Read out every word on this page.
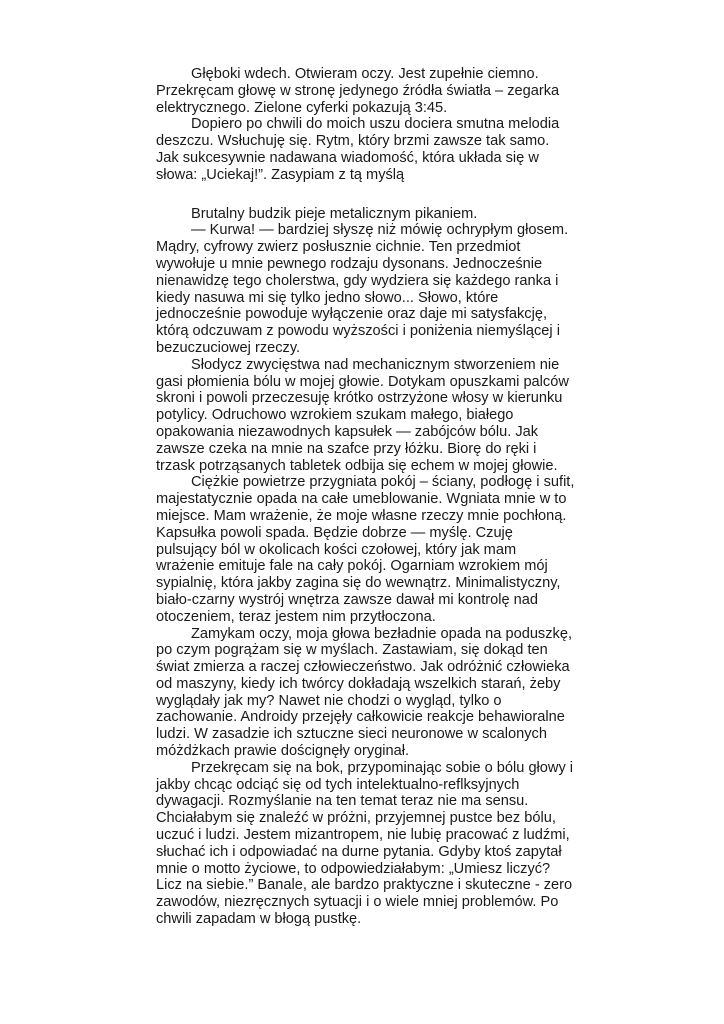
Głęboki wdech. Otwieram oczy. Jest zupełnie ciemno. Przekręcam głowę w stronę jedynego źródła światła – zegarka elektrycznego. Zielone cyferki pokazują 3:45.

Dopiero po chwili do moich uszu dociera smutna melodia deszczu. Wsłuchuję się. Rytm, który brzmi zawsze tak samo. Jak sukcesywnie nadawana wiadomość, która układa się w słowa: „Uciekaj!”. Zasypiam z tą myślą

Brutalny budzik pieje metalicznym pikaniem.

— Kurwa! — bardziej słyszę niż mówię ochrypłym głosem. Mądry, cyfrowy zwierz posłusznie cichnie. Ten przedmiot wywołuje u mnie pewnego rodzaju dysonans. Jednocześnie nienawidzę tego cholerstwa, gdy wydziera się każdego ranka i kiedy nasuwa mi się tylko jedno słowo... Słowo, które jednocześnie powoduje wyłączenie oraz daje mi satysfakcję, którą odczuwam z powodu wyższości i poniżenia niemyślącej i bezuczuciowej rzeczy.

Słodycz zwycięstwa nad mechanicznym stworzeniem nie gasi płomienia bólu w mojej głowie. Dotykam opuszkami palców skroni i powoli przeczesuję krótko ostrzyżone włosy w kierunku potylicy. Odruchowo wzrokiem szukam małego, białego opakowania niezawodnych kapsułek — zabójców bólu. Jak zawsze czeka na mnie na szafce przy łóżku. Biorę do ręki i trzask potrząsanych tabletek odbija się echem w mojej głowie.

Ciężkie powietrze przygniata pokój – ściany, podłogę i sufit, majestatycznie opada na całe umeblowanie. Wgniata mnie w to miejsce. Mam wrażenie, że moje własne rzeczy mnie pochłoną. Kapsułka powoli spada. Będzie dobrze — myślę. Czuję pulsujący ból w okolicach kości czołowej, który jak mam wrażenie emituje fale na cały pokój. Ogarniam wzrokiem mój sypialnię, która jakby zagina się do wewnątrz. Minimalistyczny, biało-czarny wystrój wnętrza zawsze dawał mi kontrolę nad otoczeniem, teraz jestem nim przytłoczona.

Zamykam oczy, moja głowa bezładnie opada na poduszkę, po czym pogrążam się w myślach. Zastawiam, się dokąd ten świat zmierza a raczej człowieczeństwo. Jak odróżnić człowieka od maszyny, kiedy ich twórcy dokładają wszelkich starań, żeby wyglądały jak my? Nawet nie chodzi o wygląd, tylko o zachowanie. Androidy przejęły całkowicie reakcje behawioralne ludzi. W zasadzie ich sztuczne sieci neuronowe w scalonych móżdżkach prawie doścignęły oryginał.

Przekręcam się na bok, przypominając sobie o bólu głowy i jakby chcąc odciąć się od tych intelektualno-reflksyjnych dywagacji. Rozmyślanie na ten temat teraz nie ma sensu. Chciałabym się znaleźć w próżni, przyjemnej pustce bez bólu, uczuć i ludzi. Jestem mizantropem, nie lubię pracować z ludźmi, słuchać ich i odpowiadać na durne pytania. Gdyby ktoś zapytał mnie o motto życiowe, to odpowiedziałabym: „Umiesz liczyć? Licz na siebie.” Banale, ale bardzo praktyczne i skuteczne - zero zawodów, niezręcznych sytuacji i o wiele mniej problemów. Po chwili zapadam w błogą pustkę.
